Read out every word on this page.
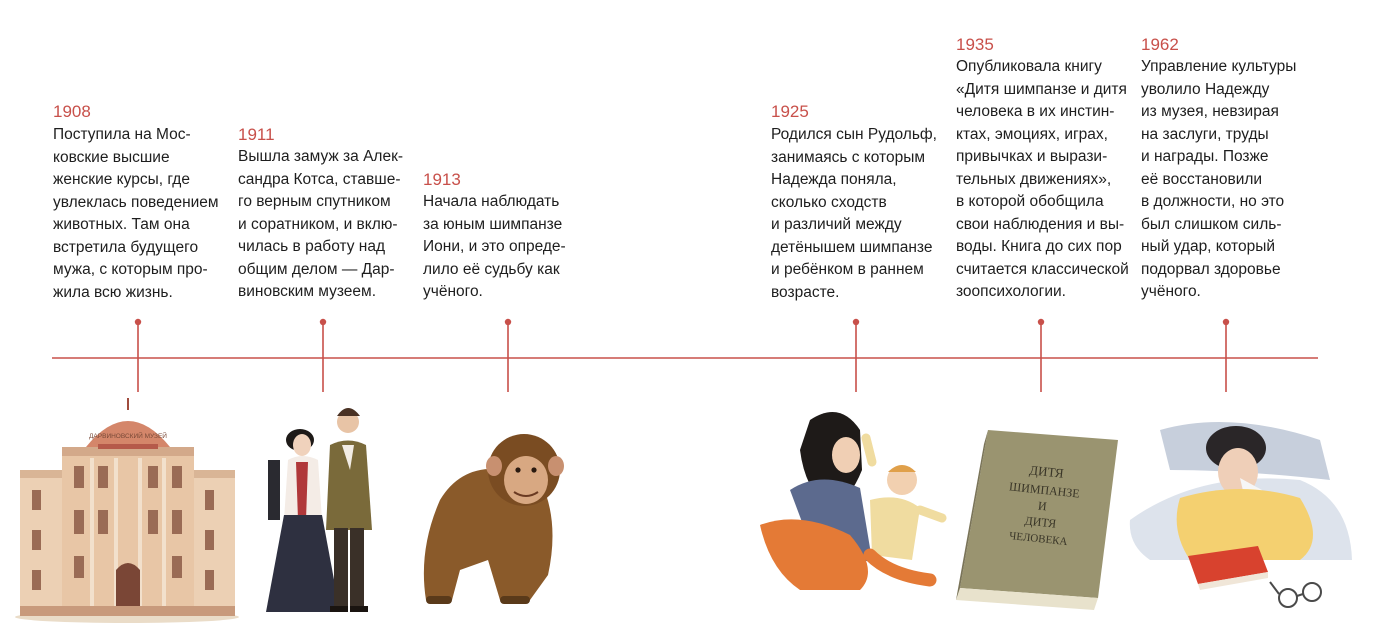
1908
Поступила на Мос-
ковские высшие
женские курсы, где
увлеклась поведением
животных. Там она
встретила будущего
мужа, с которым про-
жила всю жизнь.
1911
Вышла замуж за Алек-
сандра Котса, ставше-
го верным спутником
и соратником, и вклю-
чилась в работу над
общим делом — Дар-
виновским музеем.
1913
Начала наблюдать
за юным шимпанзе
Иони, и это опреде-
лило её судьбу как
учёного.
1925
Родился сын Рудольф,
занимаясь с которым
Надежда поняла,
сколько сходств
и различий между
детёнышем шимпанзе
и ребёнком в раннем
возрасте.
1935
Опубликовала книгу
«Дитя шимпанзе и дитя
человека в их инстин-
ктах, эмоциях, играх,
привычках и вырази-
тельных движениях»,
в которой обобщила
свои наблюдения и вы-
воды. Книга до сих пор
считается классической
зоопсихологии.
1962
Управление культуры
уволило Надежду
из музея, невзирая
на заслуги, труды
и награды. Позже
её восстановили
в должности, но это
был слишком силь-
ный удар, который
подорвал здоровье
учёного.
ДАРВИНОВСКИЙ МУЗЕЙ
ДИТЯ
ШИМПАНЗЕ
И
ДИТЯ
ЧЕЛОВЕКА
